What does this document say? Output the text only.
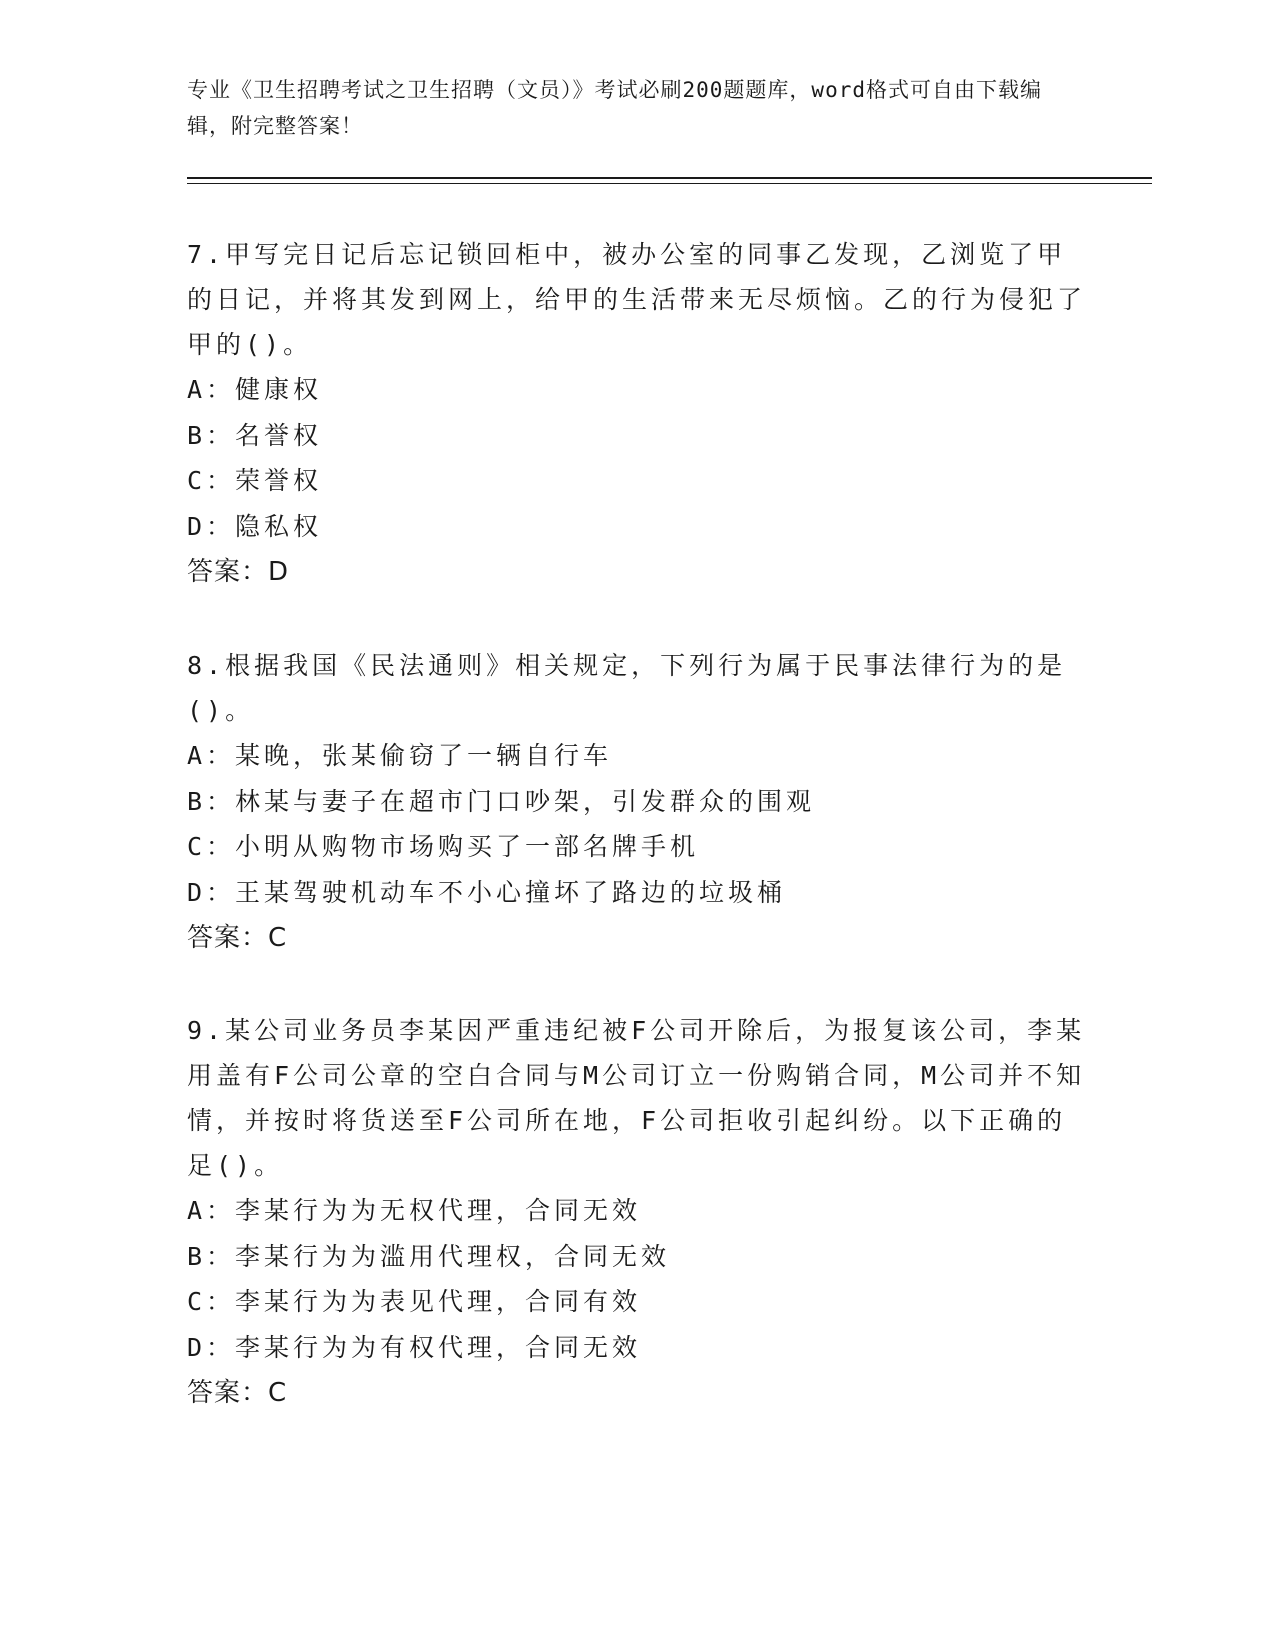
专业《卫生招聘考试之卫生招聘（文员）》考试必刷200题题库，word格式可自由下载编辑，附完整答案！

7.甲写完日记后忘记锁回柜中，被办公室的同事乙发现，乙浏览了甲的日记，并将其发到网上，给甲的生活带来无尽烦恼。乙的行为侵犯了甲的()。

A：健康权
B：名誉权
C：荣誉权
D：隐私权

答案：D

8.根据我国《民法通则》相关规定，下列行为属于民事法律行为的是()。

A：某晚，张某偷窃了一辆自行车
B：林某与妻子在超市门口吵架，引发群众的围观
C：小明从购物市场购买了一部名牌手机
D：王某驾驶机动车不小心撞坏了路边的垃圾桶

答案：C

9.某公司业务员李某因严重违纪被F公司开除后，为报复该公司，李某用盖有F公司公章的空白合同与M公司订立一份购销合同，M公司并不知情，并按时将货送至F公司所在地，F公司拒收引起纠纷。以下正确的足()。

A：李某行为为无权代理，合同无效
B：李某行为为滥用代理权，合同无效
C：李某行为为表见代理，合同有效
D：李某行为为有权代理，合同无效

答案：C
